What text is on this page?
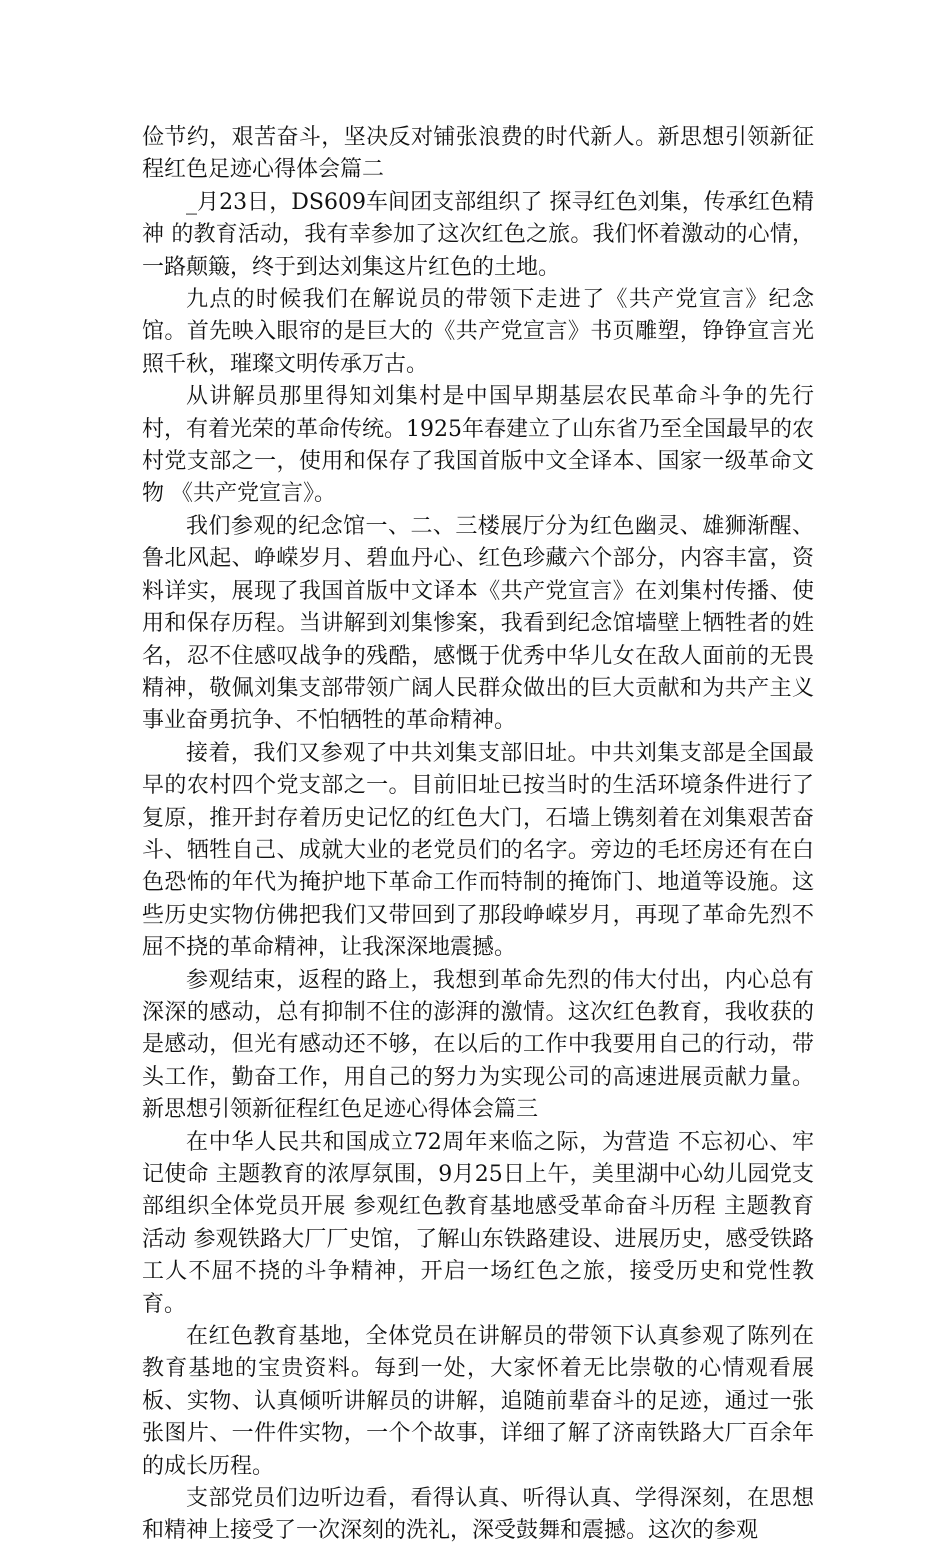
俭节约，艰苦奋斗，坚决反对铺张浪费的时代新人。新思想引领新征程红色足迹心得体会篇二

_月23日，DS609车间团支部组织了 探寻红色刘集，传承红色精神 的教育活动，我有幸参加了这次红色之旅。我们怀着激动的心情，一路颠簸，终于到达刘集这片红色的土地。

九点的时候我们在解说员的带领下走进了《共产党宣言》纪念馆。首先映入眼帘的是巨大的《共产党宣言》书页雕塑，铮铮宣言光照千秋，璀璨文明传承万古。

从讲解员那里得知刘集村是中国早期基层农民革命斗争的先行村，有着光荣的革命传统。1925年春建立了山东省乃至全国最早的农村党支部之一，使用和保存了我国首版中文全译本、国家一级革命文物 《共产党宣言》。

我们参观的纪念馆一、二、三楼展厅分为红色幽灵、雄狮渐醒、鲁北风起、峥嵘岁月、碧血丹心、红色珍藏六个部分，内容丰富，资料详实，展现了我国首版中文译本《共产党宣言》在刘集村传播、使用和保存历程。当讲解到刘集惨案，我看到纪念馆墙壁上牺牲者的姓名，忍不住感叹战争的残酷，感慨于优秀中华儿女在敌人面前的无畏精神，敬佩刘集支部带领广阔人民群众做出的巨大贡献和为共产主义事业奋勇抗争、不怕牺牲的革命精神。

接着，我们又参观了中共刘集支部旧址。中共刘集支部是全国最早的农村四个党支部之一。目前旧址已按当时的生活环境条件进行了复原，推开封存着历史记忆的红色大门，石墙上镌刻着在刘集艰苦奋斗、牺牲自己、成就大业的老党员们的名字。旁边的毛坯房还有在白色恐怖的年代为掩护地下革命工作而特制的掩饰门、地道等设施。这些历史实物仿佛把我们又带回到了那段峥嵘岁月，再现了革命先烈不屈不挠的革命精神，让我深深地震撼。

参观结束，返程的路上，我想到革命先烈的伟大付出，内心总有深深的感动，总有抑制不住的澎湃的激情。这次红色教育，我收获的是感动，但光有感动还不够，在以后的工作中我要用自己的行动，带头工作，勤奋工作，用自己的努力为实现公司的高速进展贡献力量。新思想引领新征程红色足迹心得体会篇三

在中华人民共和国成立72周年来临之际，为营造 不忘初心、牢记使命 主题教育的浓厚氛围，9月25日上午，美里湖中心幼儿园党支部组织全体党员开展 参观红色教育基地感受革命奋斗历程 主题教育活动 参观铁路大厂厂史馆，了解山东铁路建设、进展历史，感受铁路工人不屈不挠的斗争精神，开启一场红色之旅，接受历史和党性教育。

在红色教育基地，全体党员在讲解员的带领下认真参观了陈列在教育基地的宝贵资料。每到一处，大家怀着无比崇敬的心情观看展板、实物、认真倾听讲解员的讲解，追随前辈奋斗的足迹，通过一张张图片、一件件实物，一个个故事，详细了解了济南铁路大厂百余年的成长历程。

支部党员们边听边看，看得认真、听得认真、学得深刻，在思想和精神上接受了一次深刻的洗礼，深受鼓舞和震撼。这次的参观
